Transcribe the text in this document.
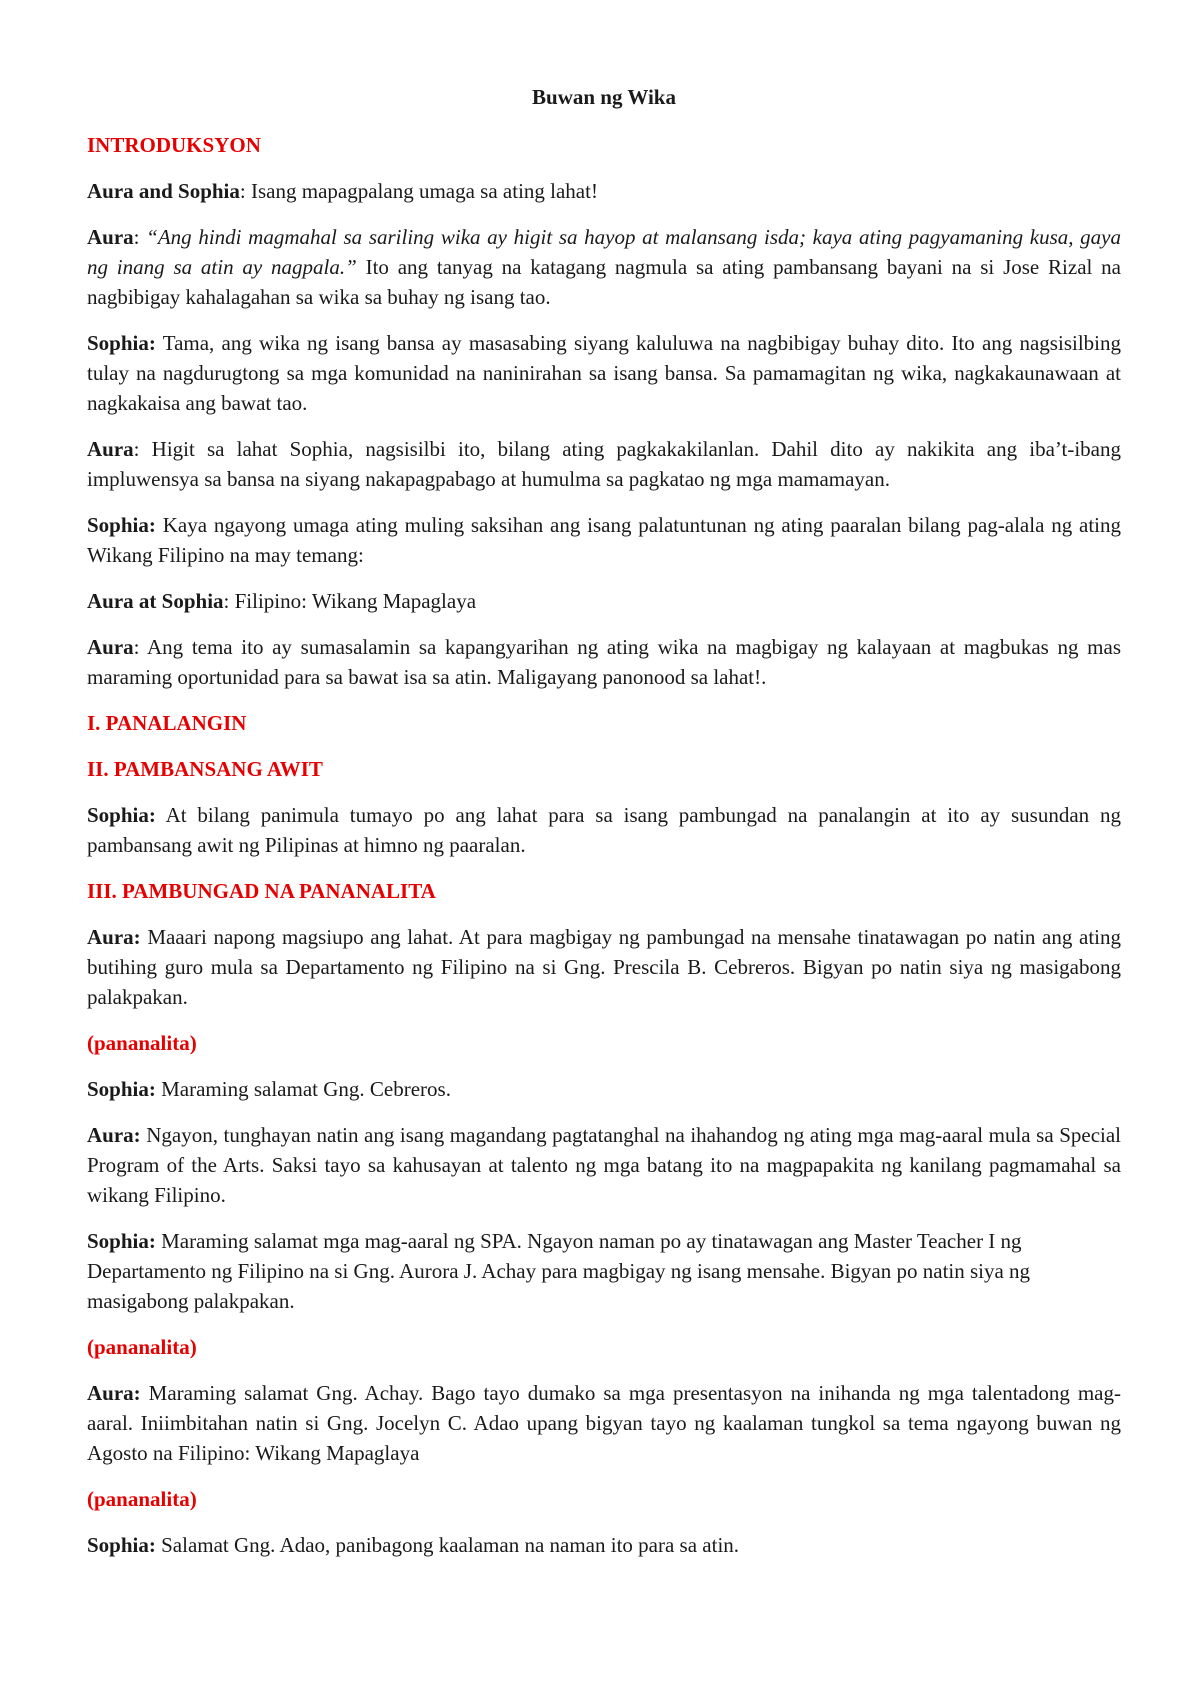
Buwan ng Wika

INTRODUKSYON

Aura and Sophia: Isang mapagpalang umaga sa ating lahat!

Aura: “Ang hindi magmahal sa sariling wika ay higit sa hayop at malansang isda; kaya ating pagyamaning kusa, gaya ng inang sa atin ay nagpala.” Ito ang tanyag na katagang nagmula sa ating pambansang bayani na si Jose Rizal na nagbibigay kahalagahan sa wika sa buhay ng isang tao.

Sophia: Tama, ang wika ng isang bansa ay masasabing siyang kaluluwa na nagbibigay buhay dito. Ito ang nagsisilbing tulay na nagdurugtong sa mga komunidad na naninirahan sa isang bansa. Sa pamamagitan ng wika, nagkakaunawaan at nagkakaisa ang bawat tao.

Aura: Higit sa lahat Sophia, nagsisilbi ito, bilang ating pagkakakilanlan. Dahil dito ay nakikita ang iba’t-ibang impluwensya sa bansa na siyang nakapagpabago at humulma sa pagkatao ng mga mamamayan.

Sophia: Kaya ngayong umaga ating muling saksihan ang isang palatuntunan ng ating paaralan bilang pag-alala ng ating Wikang Filipino na may temang:

Aura at Sophia: Filipino: Wikang Mapaglaya

Aura: Ang tema ito ay sumasalamin sa kapangyarihan ng ating wika na magbigay ng kalayaan at magbukas ng mas maraming oportunidad para sa bawat isa sa atin. Maligayang panonood sa lahat!.

I. PANALANGIN

II. PAMBANSANG AWIT

Sophia: At bilang panimula tumayo po ang lahat para sa isang pambungad na panalangin at ito ay susundan ng pambansang awit ng Pilipinas at himno ng paaralan.

III. PAMBUNGAD NA PANANALITA

Aura: Maaari napong magsiupo ang lahat. At para magbigay ng pambungad na mensahe tinatawagan po natin ang ating butihing guro mula sa Departamento ng Filipino na si Gng. Prescila B. Cebreros. Bigyan po natin siya ng masigabong palakpakan.

(pananalita)

Sophia: Maraming salamat Gng. Cebreros.

Aura: Ngayon, tunghayan natin ang isang magandang pagtatanghal na ihahandog ng ating mga mag-aaral mula sa Special Program of the Arts. Saksi tayo sa kahusayan at talento ng mga batang ito na magpapakita ng kanilang pagmamahal sa wikang Filipino.

Sophia: Maraming salamat mga mag-aaral ng SPA. Ngayon naman po ay tinatawagan ang Master Teacher I ng Departamento ng Filipino na si Gng. Aurora J. Achay para magbigay ng isang mensahe. Bigyan po natin siya ng masigabong palakpakan.

(pananalita)

Aura: Maraming salamat Gng. Achay. Bago tayo dumako sa mga presentasyon na inihanda ng mga talentadong mag-aaral. Iniimbitahan natin si Gng. Jocelyn C. Adao upang bigyan tayo ng kaalaman tungkol sa tema ngayong buwan ng Agosto na Filipino: Wikang Mapaglaya

(pananalita)

Sophia: Salamat Gng. Adao, panibagong kaalaman na naman ito para sa atin.
